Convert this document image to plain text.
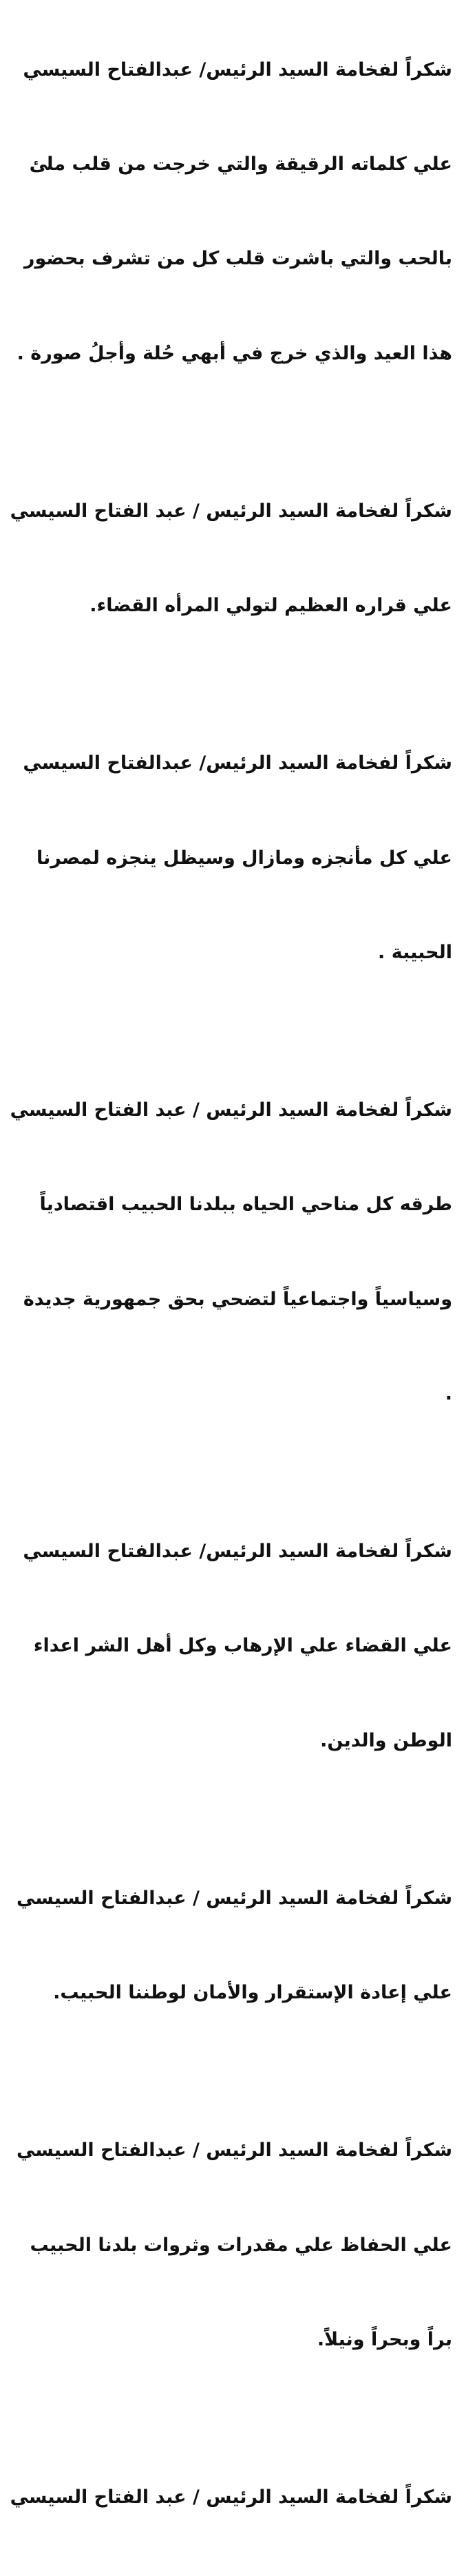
شكراً لفخامة السيد الرئيس/ عبدالفتاح السيسي

علي كلماته الرقيقة والتي خرجت من قلب ملئ

بالحب والتي باشرت قلب كل من تشرف بحضور

هذا العيد والذي خرج في أبهي حُلة وأجلُ صورة .

شكراً لفخامة السيد الرئيس / عبد الفتاح السيسي

علي قراره العظيم لتولي المرأه القضاء.

شكراً لفخامة السيد الرئيس/ عبدالفتاح السيسي

علي كل مأنجزه ومازال وسيظل ينجزه لمصرنا

الحبيبة .

شكراً لفخامة السيد الرئيس / عبد الفتاح السيسي

طرقه كل مناحي الحياه ببلدنا الحبيب اقتصادياً

وسياسياً واجتماعياً لتضحي بحق جمهورية جديدة

.

شكراً لفخامة السيد الرئيس/ عبدالفتاح السيسي

علي القضاء علي الإرهاب وكل أهل الشر اعداء

الوطن والدين.

شكراً لفخامة السيد الرئيس / عبدالفتاح السيسي

علي إعادة الإستقرار والأمان لوطننا الحبيب.

شكراً لفخامة السيد الرئيس / عبدالفتاح السيسي

علي الحفاظ علي مقدرات وثروات بلدنا الحبيب

براً وبحراً ونيلاً.

شكراً لفخامة السيد الرئيس / عبد الفتاح السيسي
